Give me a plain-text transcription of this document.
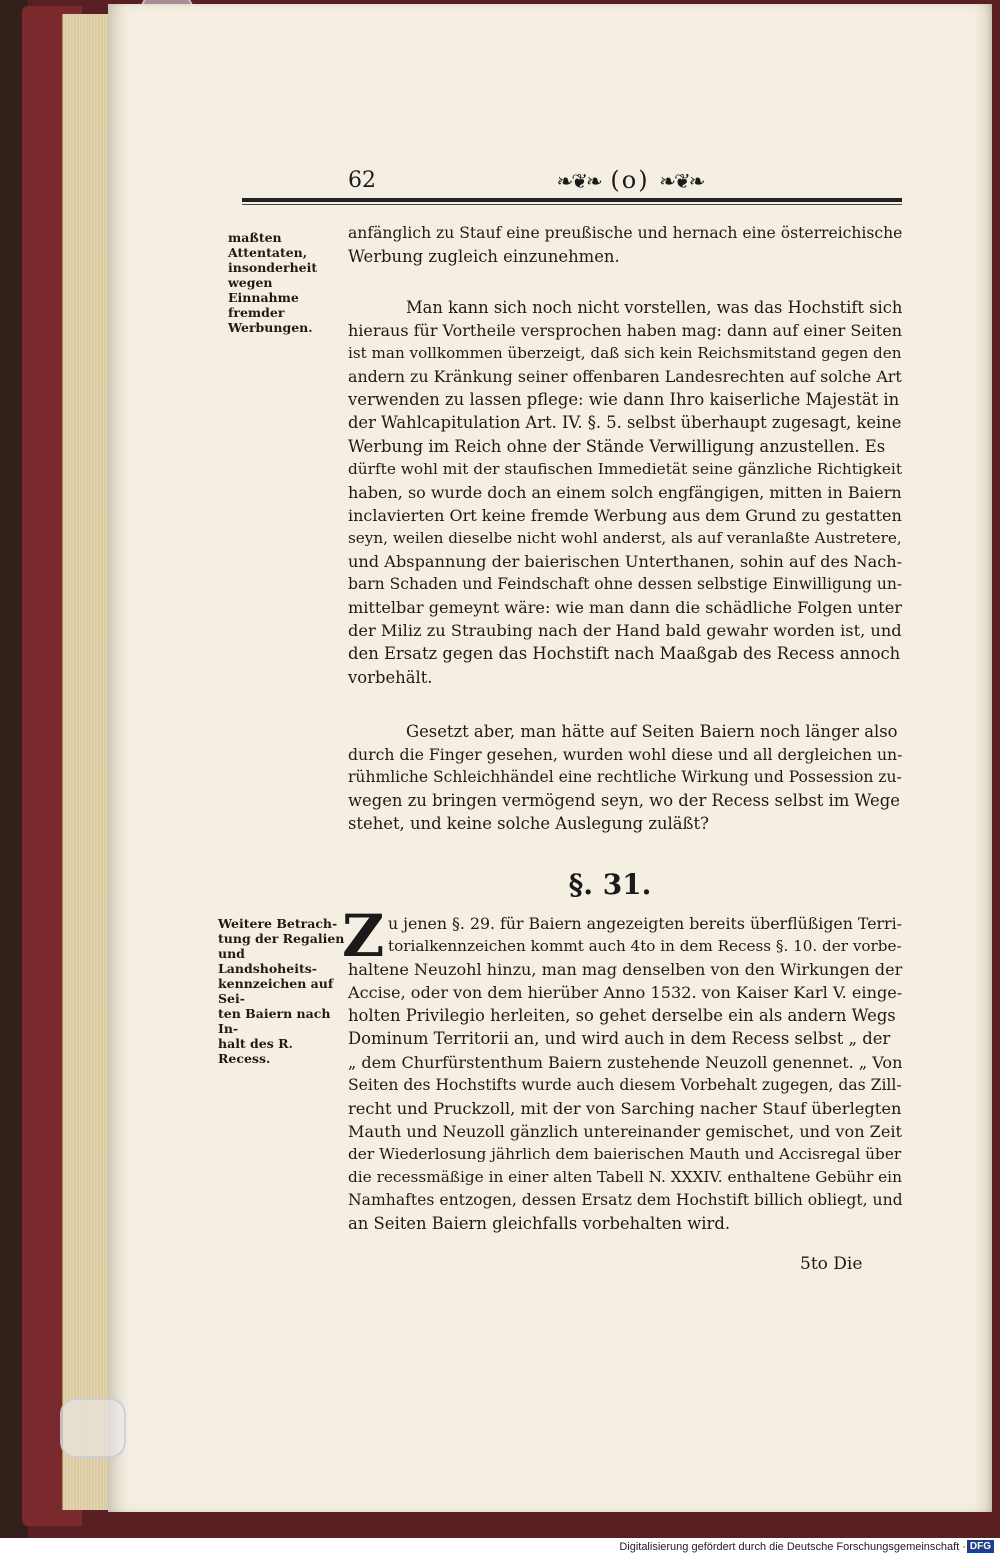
62	❧❦❧ (o) ❧❦❧
maßten Attentaten,
insonderheit wegen
Einnahme fremder
Werbungen.
anfänglich zu Stauf eine preußische und hernach eine österreichische
Werbung zugleich einzunehmen.
Man kann sich noch nicht vorstellen, was das Hochstift sich
hieraus für Vortheile versprochen haben mag: dann auf einer Seiten
ist man vollkommen überzeigt, daß sich kein Reichsmitstand gegen den
andern zu Kränkung seiner offenbaren Landesrechten auf solche Art
verwenden zu lassen pflege: wie dann Ihro kaiserliche Majestät in
der Wahlcapitulation Art. IV. §. 5. selbst überhaupt zugesagt, keine
Werbung im Reich ohne der Stände Verwilligung anzustellen. Es
dürfte wohl mit der staufischen Immedietät seine gänzliche Richtigkeit
haben, so wurde doch an einem solch engfängigen, mitten in Baiern
inclavierten Ort keine fremde Werbung aus dem Grund zu gestatten
seyn, weilen dieselbe nicht wohl anderst, als auf veranlaßte Austretere,
und Abspannung der baierischen Unterthanen, sohin auf des Nach-
barn Schaden und Feindschaft ohne dessen selbstige Einwilligung un-
mittelbar gemeynt wäre: wie man dann die schädliche Folgen unter
der Miliz zu Straubing nach der Hand bald gewahr worden ist, und
den Ersatz gegen das Hochstift nach Maaßgab des Recess annoch
vorbehält.
Gesetzt aber, man hätte auf Seiten Baiern noch länger also
durch die Finger gesehen, wurden wohl diese und all dergleichen un-
rühmliche Schleichhändel eine rechtliche Wirkung und Possession zu-
wegen zu bringen vermögend seyn, wo der Recess selbst im Wege
stehet, und keine solche Auslegung zuläßt?
§. 31.
Weitere Betrach-
tung der Regalien
und Landshoheits-
kennzeichen auf Sei-
ten Baiern nach In-
halt des R. Recess.
Z u jenen §. 29. für Baiern angezeigten bereits überflüßigen Terri-
torialkennzeichen kommt auch 4to in dem Recess §. 10. der vorbe-
haltene Neuzohl hinzu, man mag denselben von den Wirkungen der
Accise, oder von dem hierüber Anno 1532. von Kaiser Karl V. einge-
holten Privilegio herleiten, so gehet derselbe ein als andern Wegs
Dominum Territorii an, und wird auch in dem Recess selbst „ der
„ dem Churfürstenthum Baiern zustehende Neuzoll genennet. „ Von
Seiten des Hochstifts wurde auch diesem Vorbehalt zugegen, das Zill-
recht und Pruckzoll, mit der von Sarching nacher Stauf überlegten
Mauth und Neuzoll gänzlich untereinander gemischet, und von Zeit
der Wiederlosung jährlich dem baierischen Mauth und Accisregal über
die recessmäßige in einer alten Tabell N. XXXIV. enthaltene Gebühr ein
Namhaftes entzogen, dessen Ersatz dem Hochstift billich obliegt, und
an Seiten Baiern gleichfalls vorbehalten wird.
5to Die
Digitalisierung gefördert durch die Deutsche Forschungsgemeinschaft · DFG
